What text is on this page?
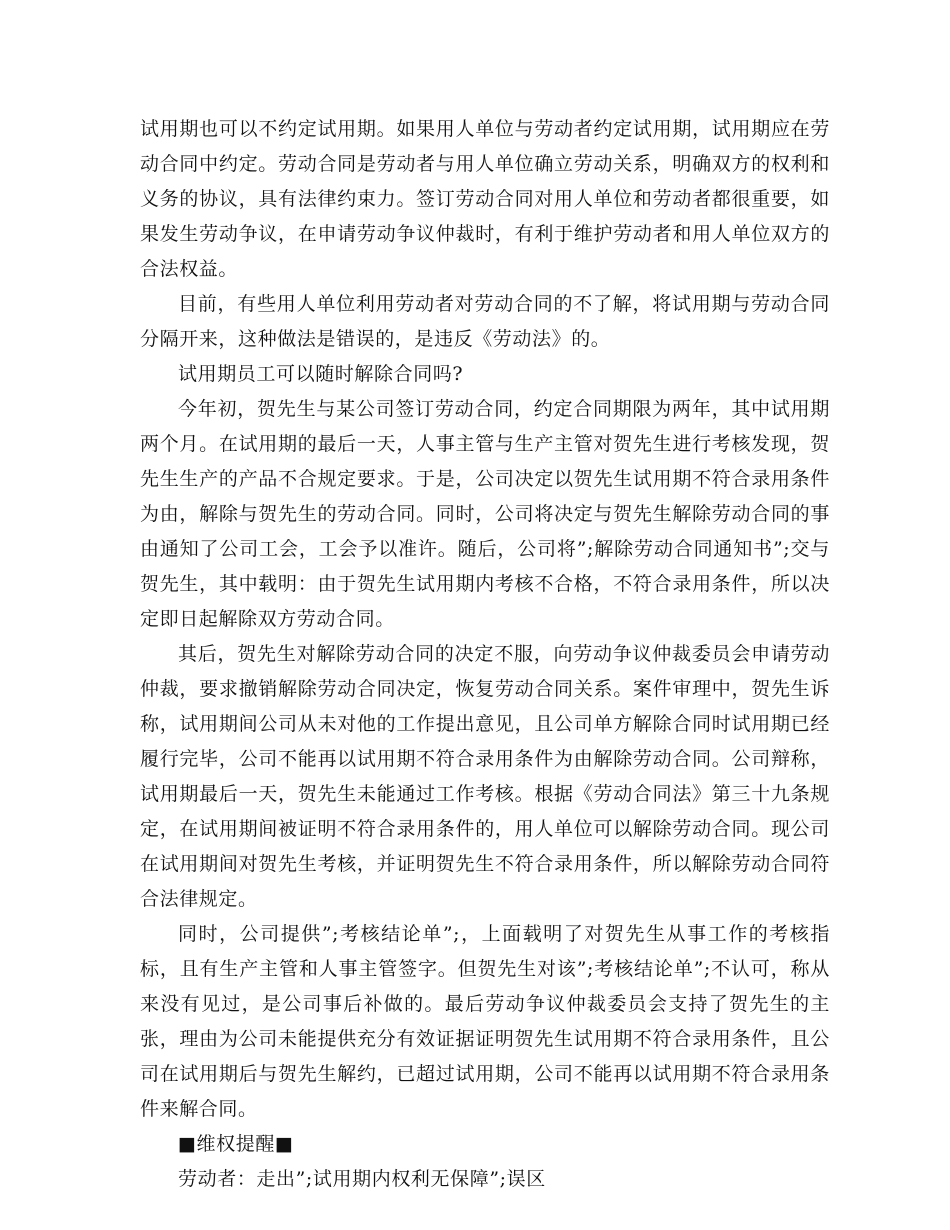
试用期也可以不约定试用期。如果用人单位与劳动者约定试用期，试用期应在劳动合同中约定。劳动合同是劳动者与用人单位确立劳动关系，明确双方的权利和义务的协议，具有法律约束力。签订劳动合同对用人单位和劳动者都很重要，如果发生劳动争议，在申请劳动争议仲裁时，有利于维护劳动者和用人单位双方的合法权益。

目前，有些用人单位利用劳动者对劳动合同的不了解，将试用期与劳动合同分隔开来，这种做法是错误的，是违反《劳动法》的。

试用期员工可以随时解除合同吗?

今年初，贺先生与某公司签订劳动合同，约定合同期限为两年，其中试用期两个月。在试用期的最后一天，人事主管与生产主管对贺先生进行考核发现，贺先生生产的产品不合规定要求。于是，公司决定以贺先生试用期不符合录用条件为由，解除与贺先生的劳动合同。同时，公司将决定与贺先生解除劳动合同的事由通知了公司工会，工会予以准许。随后，公司将”;解除劳动合同通知书”;交与贺先生，其中载明：由于贺先生试用期内考核不合格，不符合录用条件，所以决定即日起解除双方劳动合同。

其后，贺先生对解除劳动合同的决定不服，向劳动争议仲裁委员会申请劳动仲裁，要求撤销解除劳动合同决定，恢复劳动合同关系。案件审理中，贺先生诉称，试用期间公司从未对他的工作提出意见，且公司单方解除合同时试用期已经履行完毕，公司不能再以试用期不符合录用条件为由解除劳动合同。公司辩称，试用期最后一天，贺先生未能通过工作考核。根据《劳动合同法》第三十九条规定，在试用期间被证明不符合录用条件的，用人单位可以解除劳动合同。现公司在试用期间对贺先生考核，并证明贺先生不符合录用条件，所以解除劳动合同符合法律规定。

同时，公司提供”;考核结论单”;，上面载明了对贺先生从事工作的考核指标，且有生产主管和人事主管签字。但贺先生对该”;考核结论单”;不认可，称从来没有见过，是公司事后补做的。最后劳动争议仲裁委员会支持了贺先生的主张，理由为公司未能提供充分有效证据证明贺先生试用期不符合录用条件，且公司在试用期后与贺先生解约，已超过试用期，公司不能再以试用期不符合录用条件来解合同。

■维权提醒■

劳动者：走出”;试用期内权利无保障”;误区
